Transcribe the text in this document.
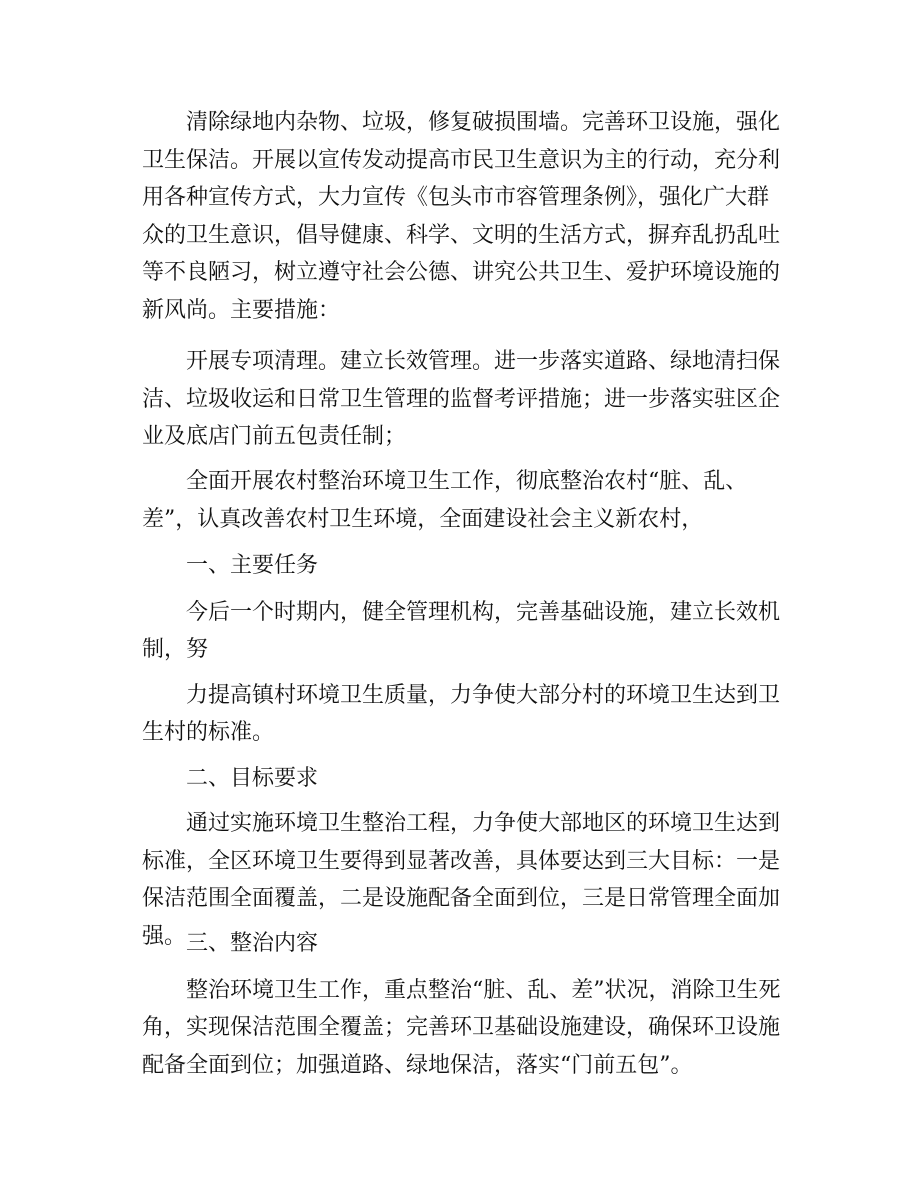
清除绿地内杂物、垃圾，修复破损围墙。完善环卫设施，强化卫生保洁。开展以宣传发动提高市民卫生意识为主的行动，充分利用各种宣传方式，大力宣传《包头市市容管理条例》，强化广大群众的卫生意识，倡导健康、科学、文明的生活方式，摒弃乱扔乱吐等不良陋习，树立遵守社会公德、讲究公共卫生、爱护环境设施的新风尚。主要措施：

开展专项清理。建立长效管理。进一步落实道路、绿地清扫保洁、垃圾收运和日常卫生管理的监督考评措施；进一步落实驻区企业及底店门前五包责任制；

全面开展农村整治环境卫生工作，彻底整治农村“脏、乱、差”，认真改善农村卫生环境，全面建设社会主义新农村，

一、主要任务

今后一个时期内，健全管理机构，完善基础设施，建立长效机制，努

力提高镇村环境卫生质量，力争使大部分村的环境卫生达到卫生村的标准。

二、目标要求

通过实施环境卫生整治工程，力争使大部地区的环境卫生达到标准，全区环境卫生要得到显著改善，具体要达到三大目标：一是保洁范围全面覆盖，二是设施配备全面到位，三是日常管理全面加强。 三、整治内容

整治环境卫生工作，重点整治“脏、乱、差”状况，消除卫生死角，实现保洁范围全覆盖；完善环卫基础设施建设，确保环卫设施配备全面到位；加强道路、绿地保洁，落实“门前五包”。
